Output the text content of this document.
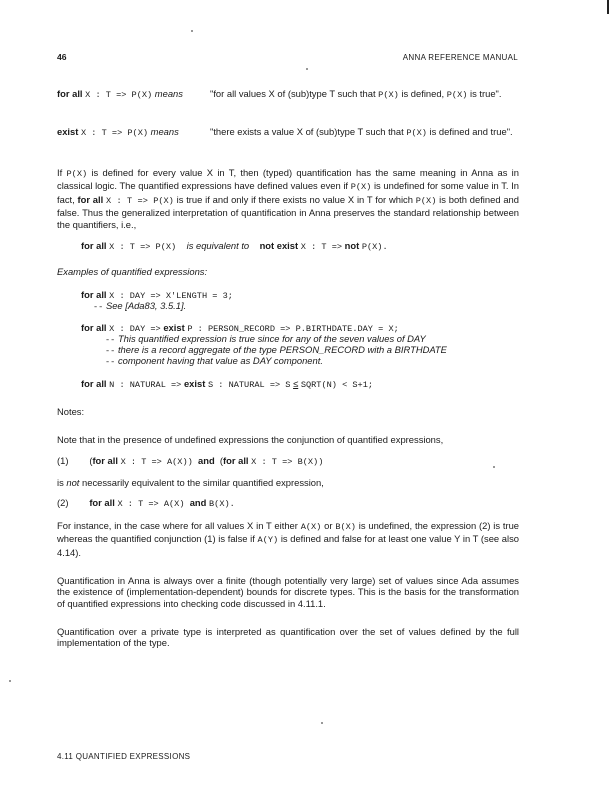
46	ANNA REFERENCE MANUAL
for all X : T => P(X) means	"for all values X of (sub)type T such that P(X) is defined, P(X) is true".
exist X : T => P(X) means	"there exists a value X of (sub)type T such that P(X) is defined and true".
If P(X) is defined for every value X in T, then (typed) quantification has the same meaning in Anna as in classical logic. The quantified expressions have defined values even if P(X) is undefined for some value in T. In fact, for all X : T => P(X) is true if and only if there exists no value X in T for which P(X) is both defined and false. Thus the generalized interpretation of quantification in Anna preserves the standard relationship between the quantifiers, i.e.,
for all X : T => P(X) is equivalent to not exist X : T => not P(X).
Examples of quantified expressions:
for all X : DAY => X'LENGTH = 3;
-- See [Ada83, 3.5.1].
for all X : DAY => exist P : PERSON_RECORD => P.BIRTHDATE.DAY = X;
-- This quantified expression is true since for any of the seven values of DAY
-- there is a record aggregate of the type PERSON_RECORD with a BIRTHDATE
-- component having that value as DAY component.
for all N : NATURAL => exist S : NATURAL => S ≤ SQRT(N) < S+1;
Notes:
Note that in the presence of undefined expressions the conjunction of quantified expressions,
(1) (for all X : T => A(X)) and (for all X : T => B(X))
is not necessarily equivalent to the similar quantified expression,
(2) for all X : T => A(X) and B(X).
For instance, in the case where for all values X in T either A(X) or B(X) is undefined, the expression (2) is true whereas the quantified conjunction (1) is false if A(Y) is defined and false for at least one value Y in T (see also 4.14).
Quantification in Anna is always over a finite (though potentially very large) set of values since Ada assumes the existence of (implementation-dependent) bounds for discrete types. This is the basis for the transformation of quantified expressions into checking code discussed in 4.11.1.
Quantification over a private type is interpreted as quantification over the set of values defined by the full implementation of the type.
4.11 QUANTIFIED EXPRESSIONS
